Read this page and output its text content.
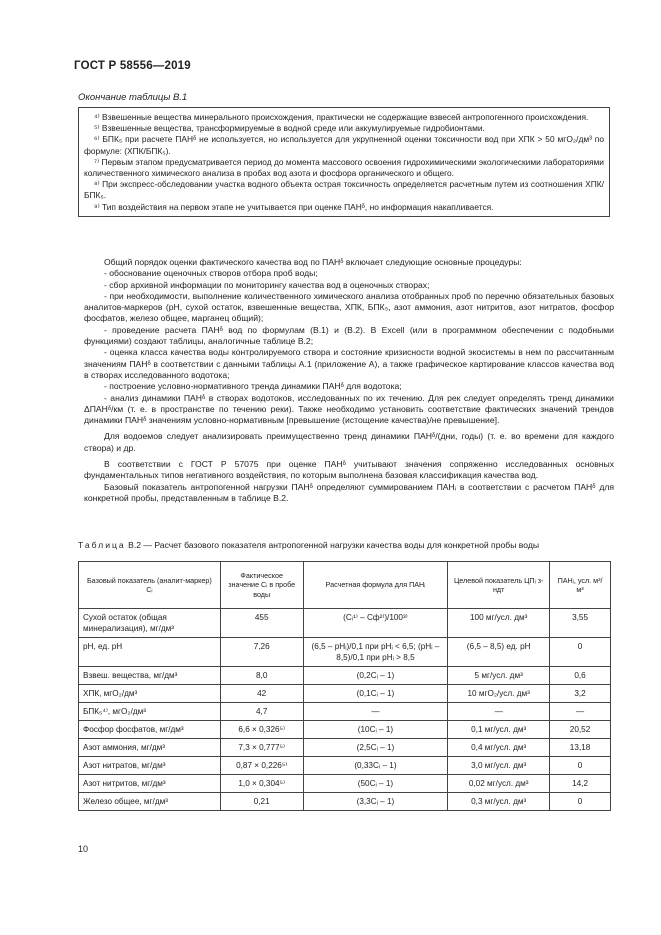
ГОСТ Р 58556—2019
Окончание таблицы В.1

⁴⁾ Взвешенные вещества минерального происхождения, практически не содержащие взвесей антропогенного происхождения.

⁵⁾ Взвешенные вещества, трансформируемые в водной среде или аккумулируемые гидробионтами.

⁶⁾ БПК₅ при расчете ПАНᵟ не используется, но используется для укрупненной оценки токсичности вод при ХПК > 50 мгО₂/дм³ по формуле: (ХПК/БПК₅).

⁷⁾ Первым этапом предусматривается период до момента массового освоения гидрохимическими экологическими лабораториями количественного химического анализа в пробах вод азота и фосфора органического и общего.

⁸⁾ При экспресс-обследовании участка водного объекта острая токсичность определяется расчетным путем из соотношения ХПК/БПК₅.

⁹⁾ Тип воздействия на первом этапе не учитывается при оценке ПАНᵟ, но информация накапливается.

Общий порядок оценки фактического качества вод по ПАНᵟ включает следующие основные процедуры:

- обоснование оценочных створов отбора проб воды;

- сбор архивной информации по мониторингу качества вод в оценочных створах;

- при необходимости, выполнение количественного химического анализа отобранных проб по перечню обязательных базовых аналитов-маркеров (рН, сухой остаток, взвешенные вещества, ХПК, БПК₅, азот аммония, азот нитритов, азот нитратов, фосфор фосфатов, железо общее, марганец общий);

- проведение расчета ПАНᵟ вод по формулам (В.1) и (В.2). В Excell (или в программном обеспечении с подобными функциями) создают таблицы, аналогичные таблице В.2;

- оценка класса качества воды контролируемого створа и состояние кризисности водной экосистемы в нем по рассчитанным значениям ПАНᵟ в соответствии с данными таблицы А.1 (приложение А), а также графическое картирование классов качества вод в створах исследованного водотока;

- построение условно-нормативного тренда динамики ПАНᵟ для водотока;

- анализ динамики ПАНᵟ в створах водотоков, исследованных по их течению. Для рек следует определять тренд динамики ΔПАНᵟ/км (т. е. в пространстве по течению реки). Также необходимо установить соответствие фактических значений трендов динамики ПАНᵟ значениям условно-нормативным [превышение (истощение качества)/не превышение].

Для водоемов следует анализировать преимущественно тренд динамики ПАНᵟ/(дни, годы) (т. е. во времени для каждого створа) и др.

В соответствии с ГОСТ Р 57075 при оценке ПАНᵟ учитывают значения сопряженно исследованных основных фундаментальных типов негативного воздействия, по которым выполнена базовая классификация качества вод.

Базовый показатель антропогенной нагрузки ПАНᵟ определяют суммированием ПАНᵢ в соответствии с расчетом ПАНᵟ для конкретной пробы, представленным в таблице В.2.

Таблица В.2 — Расчет базового показателя антропогенной нагрузки качества воды для конкретной пробы воды
Базовый показатель (аналит-маркер) Cᵢ	Фактическое значение Cᵢ в пробе воды	Расчетная формула для ПАНᵢ	Целевой показатель ЦПᵢ з-ндт	ПАНᵢ, усл. м³/м³
Сухой остаток (общая минерализация), мг/дм³	455	(Cᵢ¹⁾ – Cф²⁾)/100³⁾	100 мг/усл. дм³	3,55
рН, ед. рН	7,26	(6,5 – рНᵢ)/0,1 при рНᵢ < 6,5; (рНᵢ – 8,5)/0,1 при рНᵢ > 8,5	(6,5 – 8,5) ед. рН	0
Взвеш. вещества, мг/дм³	8,0	(0,2Cᵢ – 1)	5 мг/усл. дм³	0,6
ХПК, мгО₂/дм³	42	(0,1Cᵢ – 1)	10 мгО₂/усл. дм³	3,2
БПК₅⁴⁾, мгО₂/дм³	4,7	—	—	—
Фосфор фосфатов, мг/дм³	6,6 × 0,326⁵⁾	(10Cᵢ – 1)	0,1 мг/усл. дм³	20,52
Азот аммония, мг/дм³	7,3 × 0,777⁵⁾	(2,5Cᵢ – 1)	0,4 мг/усл. дм³	13,18
Азот нитратов, мг/дм³	0,87 × 0,226⁵⁾	(0,33Cᵢ – 1)	3,0 мг/усл. дм³	0
Азот нитритов, мг/дм³	1,0 × 0,304⁵⁾	(50Cᵢ – 1)	0,02 мг/усл. дм³	14,2
Железо общее, мг/дм³	0,21	(3,3Cᵢ – 1)	0,3 мг/усл. дм³	0
10
